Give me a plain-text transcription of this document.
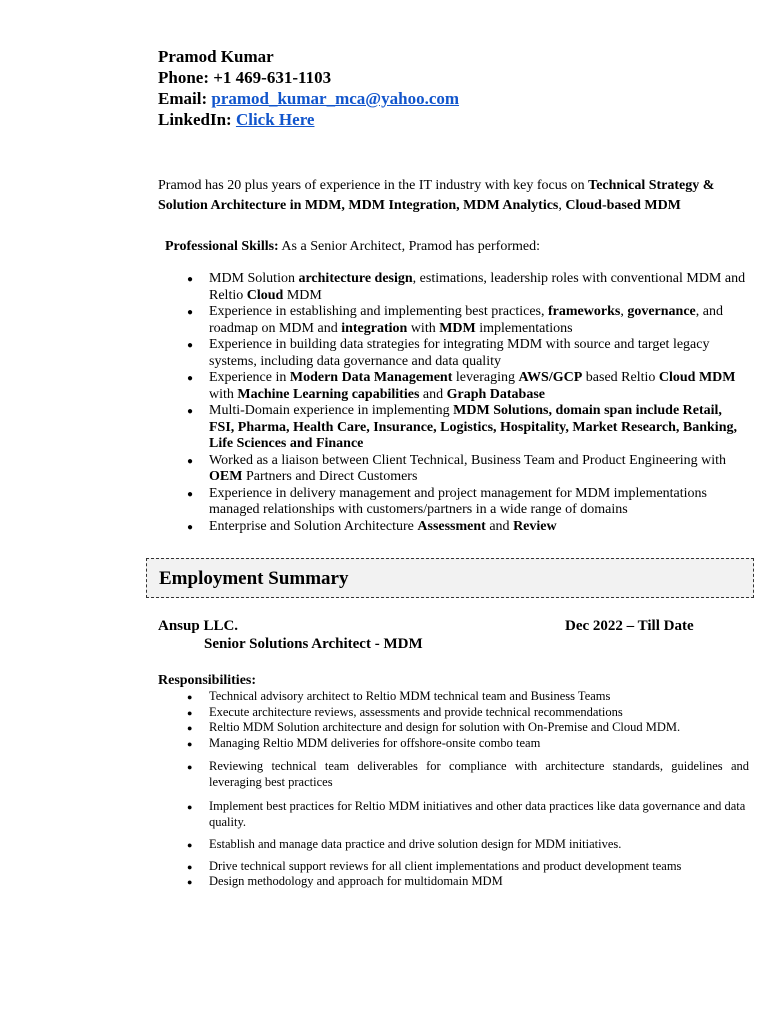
Pramod Kumar
Phone: +1 469-631-1103
Email: pramod_kumar_mca@yahoo.com
LinkedIn: Click Here
Pramod has 20 plus years of experience in the IT industry with key focus on Technical Strategy & Solution Architecture in MDM, MDM Integration, MDM Analytics, Cloud-based MDM
Professional Skills: As a Senior Architect, Pramod has performed:
● MDM Solution architecture design, estimations, leadership roles with conventional MDM and Reltio Cloud MDM
● Experience in establishing and implementing best practices, frameworks, governance, and roadmap on MDM and integration with MDM implementations
● Experience in building data strategies for integrating MDM with source and target legacy systems, including data governance and data quality
● Experience in Modern Data Management leveraging AWS/GCP based Reltio Cloud MDM with Machine Learning capabilities and Graph Database
● Multi-Domain experience in implementing MDM Solutions, domain span include Retail, FSI, Pharma, Health Care, Insurance, Logistics, Hospitality, Market Research, Banking, Life Sciences and Finance
● Worked as a liaison between Client Technical, Business Team and Product Engineering with OEM Partners and Direct Customers
● Experience in delivery management and project management for MDM implementations managed relationships with customers/partners in a wide range of domains
● Enterprise and Solution Architecture Assessment and Review
Employment Summary
Ansup LLC.	Dec 2022 – Till Date
Senior Solutions Architect - MDM
Responsibilities:
● Technical advisory architect to Reltio MDM technical team and Business Teams
● Execute architecture reviews, assessments and provide technical recommendations
● Reltio MDM Solution architecture and design for solution with On-Premise and Cloud MDM.
● Managing Reltio MDM deliveries for offshore-onsite combo team
● Reviewing technical team deliverables for compliance with architecture standards, guidelines and leveraging best practices
● Implement best practices for Reltio MDM initiatives and other data practices like data governance and data quality.
● Establish and manage data practice and drive solution design for MDM initiatives.
● Drive technical support reviews for all client implementations and product development teams
● Design methodology and approach for multidomain MDM
